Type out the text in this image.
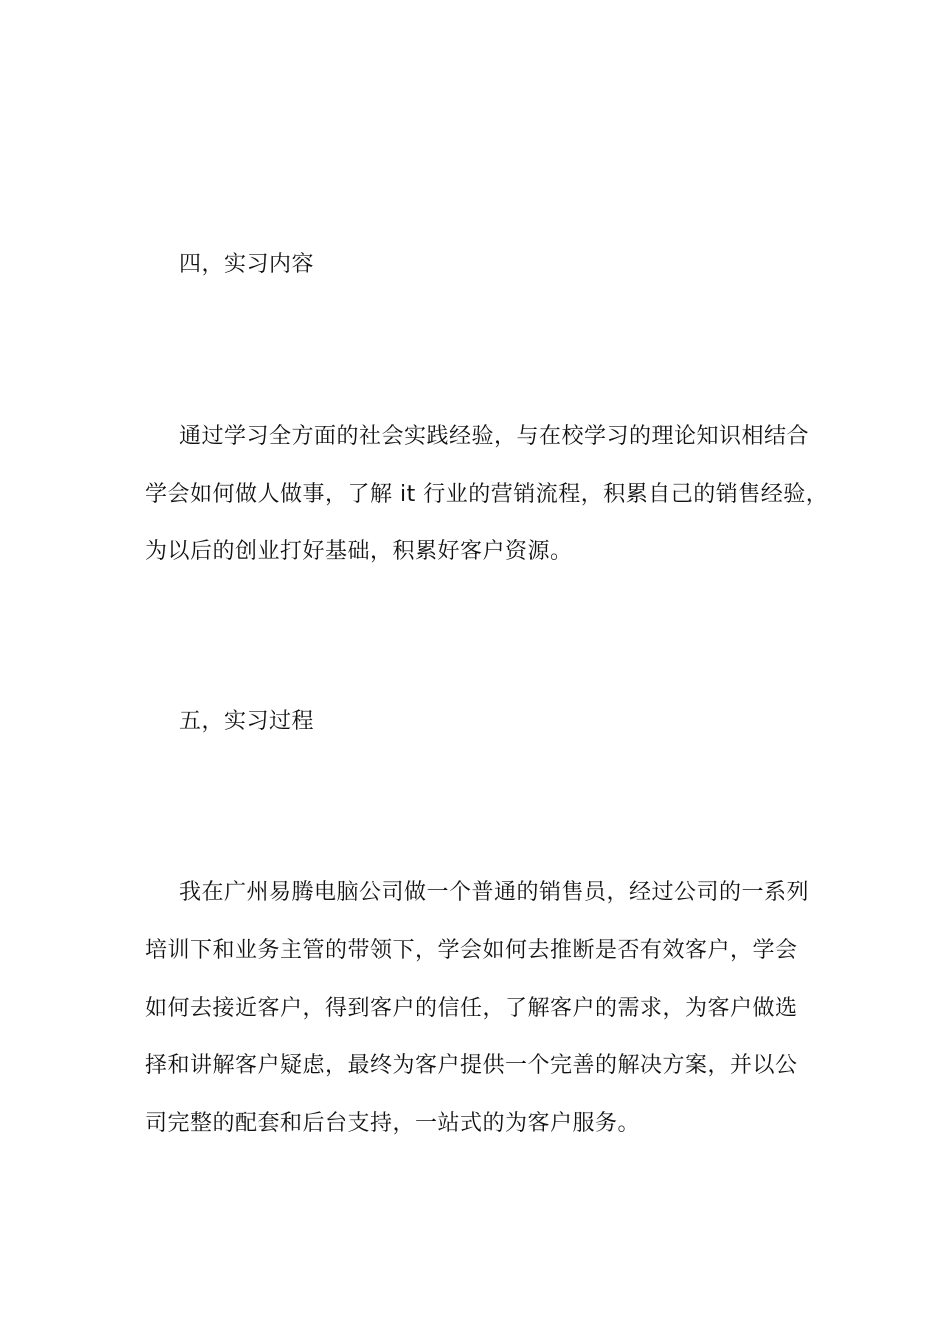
四，实习内容
通过学习全方面的社会实践经验，与在校学习的理论知识相结合
学会如何做人做事，了解 it 行业的营销流程，积累自己的销售经验，
为以后的创业打好基础，积累好客户资源。
五，实习过程
我在广州易腾电脑公司做一个普通的销售员，经过公司的一系列
培训下和业务主管的带领下，学会如何去推断是否有效客户，学会
如何去接近客户，得到客户的信任，了解客户的需求，为客户做选
择和讲解客户疑虑，最终为客户提供一个完善的解决方案，并以公
司完整的配套和后台支持，一站式的为客户服务。
